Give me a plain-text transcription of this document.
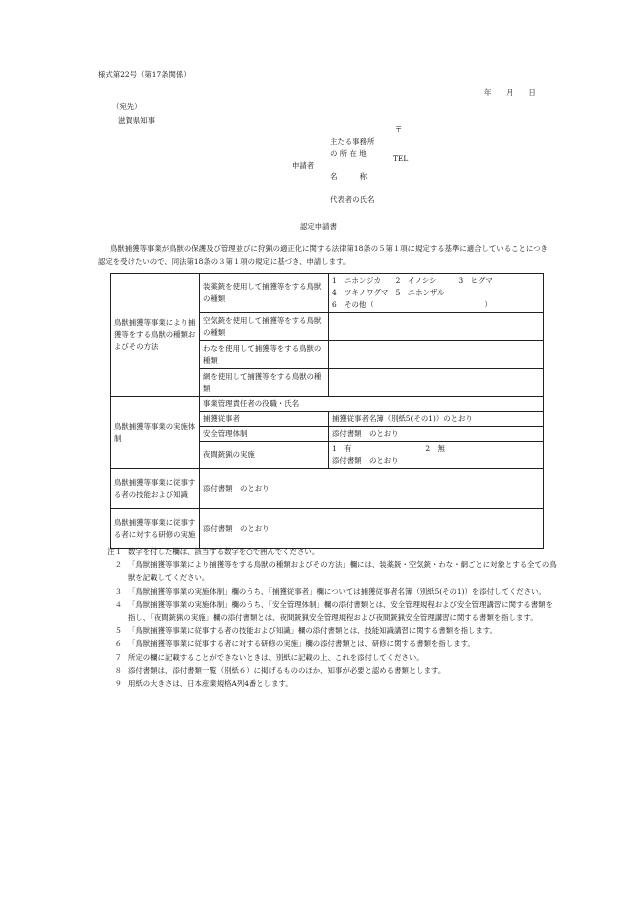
様式第22号（第17条関係）
年　　月　　日
（宛先）
滋賀県知事
〒
主たる事務所
の 所 在 地
TEL
申請者
名　　　称
代表者の氏名
認定申請書
鳥獣捕獲等事業が鳥獣の保護及び管理並びに狩猟の適正化に関する法律第18条の５第１項に規定する基準に適合していることにつき認定を受けたいので、同法第18条の３第１項の規定に基づき、申請します。
鳥獣捕獲等事業により捕獲等をする鳥獣の種類およびその方法	装薬銃を使用して捕獲等をする鳥獣の種類	1　ニホンジカ　　2　イノシシ　　　3　ヒグマ
4　ツキノワグマ　5　ニホンザル
6　その他（　　　　　　　　　　　　　　　）
	空気銃を使用して捕獲等をする鳥獣の種類	
	わなを使用して捕獲等をする鳥獣の種類	
	網を使用して捕獲等をする鳥獣の種類	
鳥獣捕獲等事業の実施体制	事業管理責任者の役職・氏名	
	捕獲従事者	捕獲従事者名簿（別紙5(その1)）のとおり
	安全管理体制	添付書類　のとおり
	夜間銃猟の実施	1　有　　　　　　　　　　2　無
添付書類　のとおり

鳥獣捕獲等事業に従事する者の技能および知識	添付書類　のとおり	
鳥獣捕獲等事業に従事する者に対する研修の実施	添付書類　のとおり	
注１ 数字を付した欄は、該当する数字を○で囲んでください。
２ 「鳥獣捕獲等事業により捕獲等をする鳥獣の種類およびその方法」欄には、装薬銃・空気銃・わな・網ごとに対象とする全ての鳥獣を記載してください。
３ 「鳥獣捕獲等事業の実施体制」欄のうち、「捕獲従事者」欄については捕獲従事者名簿（別紙5(その1)）を添付してください。
４ 「鳥獣捕獲等事業の実施体制」欄のうち、「安全管理体制」欄の添付書類とは、安全管理規程および安全管理講習に関する書類を指し、「夜間銃猟の実施」欄の添付書類とは、夜間銃猟安全管理規程および夜間銃猟安全管理講習に関する書類を指します。
５ 「鳥獣捕獲等事業に従事する者の技能および知識」欄の添付書類とは、技能知識講習に関する書類を指します。
６ 「鳥獣捕獲等事業に従事する者に対する研修の実施」欄の添付書類とは、研修に関する書類を指します。
７ 所定の欄に記載することができないときは、別紙に記載の上、これを添付してください。
８ 添付書類は、添付書類一覧（別紙６）に掲げるもののほか、知事が必要と認める書類とします。
９ 用紙の大きさは、日本産業規格A列4番とします。
